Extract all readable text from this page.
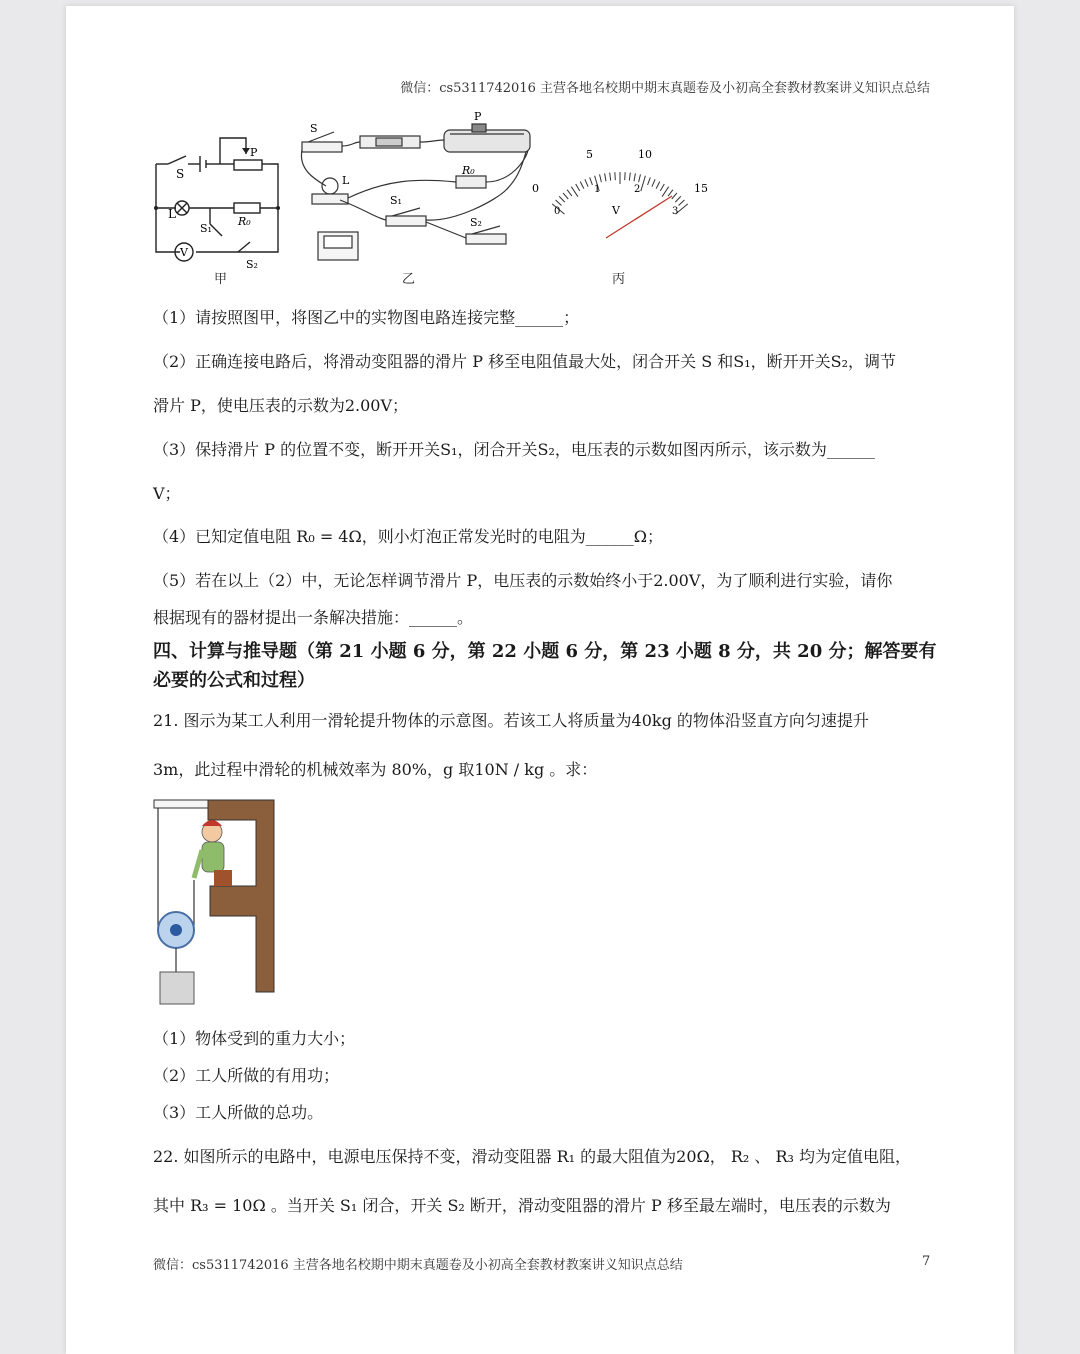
微信：cs5311742016 主营各地名校期中期末真题卷及小初高全套教材教案讲义知识点总结
S
P
L
R₀
S₁
V
S₂
甲
S
P
R₀
L
S₁
S₂
乙
5	10
15
0
0
1	2
3
V
丙
（1）请按照图甲，将图乙中的实物图电路连接完整______；
（2）正确连接电路后，将滑动变阻器的滑片 P 移至电阻值最大处，闭合开关 S 和S₁，断开开关S₂，调节
滑片 P，使电压表的示数为2.00V；
（3）保持滑片 P 的位置不变，断开开关S₁，闭合开关S₂，电压表的示数如图丙所示，该示数为______
V；
（4）已知定值电阻 R₀ = 4Ω，则小灯泡正常发光时的电阻为______Ω；
（5）若在以上（2）中，无论怎样调节滑片 P，电压表的示数始终小于2.00V，为了顺利进行实验，请你
根据现有的器材提出一条解决措施：______。
四、计算与推导题（第 21 小题 6 分，第 22 小题 6 分，第 23 小题 8 分，共 20 分；解答要有
必要的公式和过程）
21. 图示为某工人利用一滑轮提升物体的示意图。若该工人将质量为40kg 的物体沿竖直方向匀速提升
3m，此过程中滑轮的机械效率为 80%，g 取10N / kg 。求：
（1）物体受到的重力大小；
（2）工人所做的有用功；
（3）工人所做的总功。
22. 如图所示的电路中，电源电压保持不变，滑动变阻器 R₁ 的最大阻值为20Ω， R₂ 、 R₃ 均为定值电阻，
其中 R₃ = 10Ω 。当开关 S₁ 闭合，开关 S₂ 断开，滑动变阻器的滑片 P 移至最左端时，电压表的示数为
微信：cs5311742016 主营各地名校期中期末真题卷及小初高全套教材教案讲义知识点总结	7
